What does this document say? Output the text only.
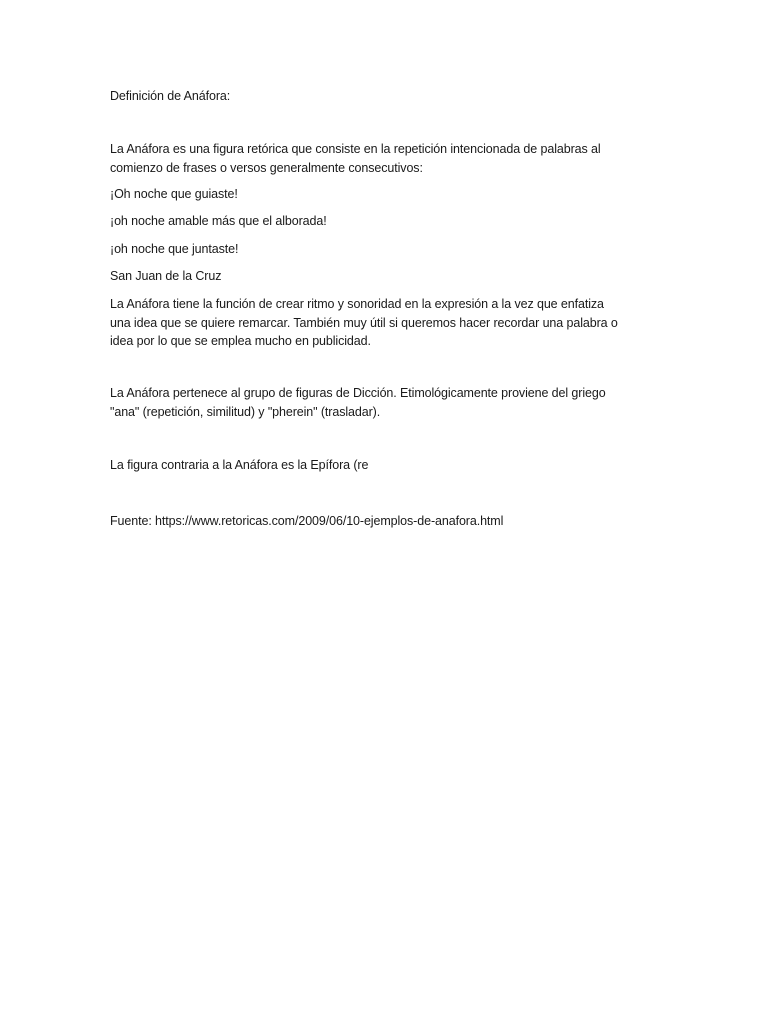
Definición de Anáfora:
La Anáfora es una figura retórica que consiste en la repetición intencionada de palabras al
comienzo de frases o versos generalmente consecutivos:
¡Oh noche que guiaste!
¡oh noche amable más que el alborada!
¡oh noche que juntaste!
San Juan de la Cruz
La Anáfora tiene la función de crear ritmo y sonoridad en la expresión a la vez que enfatiza
una idea que se quiere remarcar. También muy útil si queremos hacer recordar una palabra o
idea por lo que se emplea mucho en publicidad.
La Anáfora pertenece al grupo de figuras de Dicción. Etimológicamente proviene del griego
"ana" (repetición, similitud) y "pherein" (trasladar).
La figura contraria a la Anáfora es la Epífora (re
Fuente: https://www.retoricas.com/2009/06/10-ejemplos-de-anafora.html
